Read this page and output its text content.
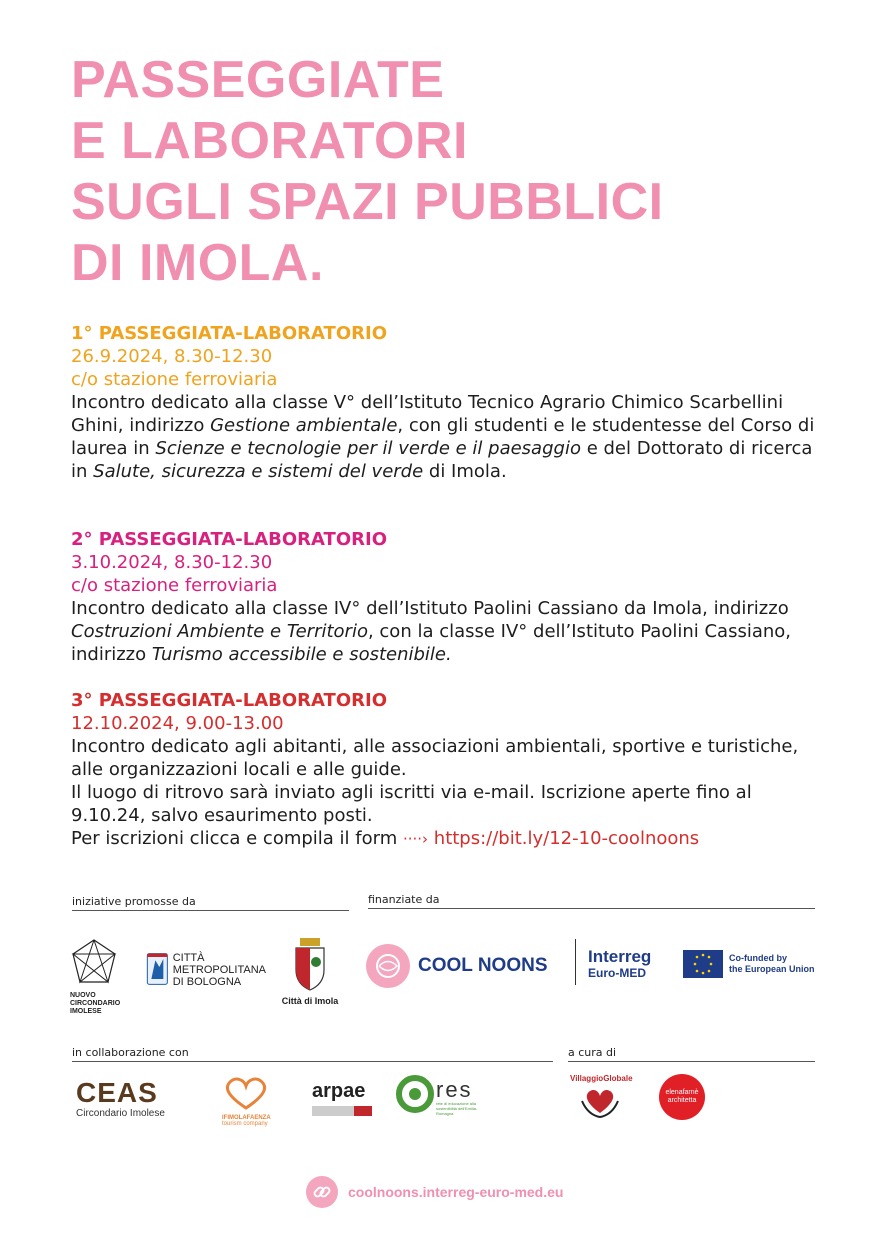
PASSEGGIATE
E LABORATORI
SUGLI SPAZI PUBBLICI
DI IMOLA.
1° PASSEGGIATA-LABORATORIO
26.9.2024, 8.30-12.30
c/o stazione ferroviaria

Incontro dedicato alla classe V° dell’Istituto Tecnico Agrario Chimico Scarbellini Ghini, indirizzo Gestione ambientale, con gli studenti e le studentesse del Corso di laurea in Scienze e tecnologie per il verde e il paesaggio e del Dottorato di ricerca in Salute, sicurezza e sistemi del verde di Imola.

2° PASSEGGIATA-LABORATORIO
3.10.2024, 8.30-12.30
c/o stazione ferroviaria

Incontro dedicato alla classe IV° dell’Istituto Paolini Cassiano da Imola, indirizzo Costruzioni Ambiente e Territorio, con la classe IV° dell’Istituto Paolini Cassiano, indirizzo Turismo accessibile e sostenibile.

3° PASSEGGIATA-LABORATORIO
12.10.2024, 9.00-13.00

Incontro dedicato agli abitanti, alle associazioni ambientali, sportive e turistiche, alle organizzazioni locali e alle guide.

Il luogo di ritrovo sarà inviato agli iscritti via e-mail. Iscrizione aperte fino al 9.10.24, salvo esaurimento posti.

Per iscrizioni clicca e compila il form ····› https://bit.ly/12-10-coolnoons

iniziative promosse da	finanziate da
in collaborazione con	a cura di
NUOVO CIRCONDARIO IMOLESE
CITTÀ
METROPOLITANA
DI BOLOGNA
Città di Imola
COOL NOONS Interreg
Euro-MED
Co-funded by
the European Union
CEAS
Circondario Imolese	IFIMOLAFAENZA
tourism company
arpae	res
rete di educazione alla sostenibilità dell'Emilia-Romagna
VillaggioGlobale
elenafarnè architetta
coolnoons.interreg-euro-med.eu
